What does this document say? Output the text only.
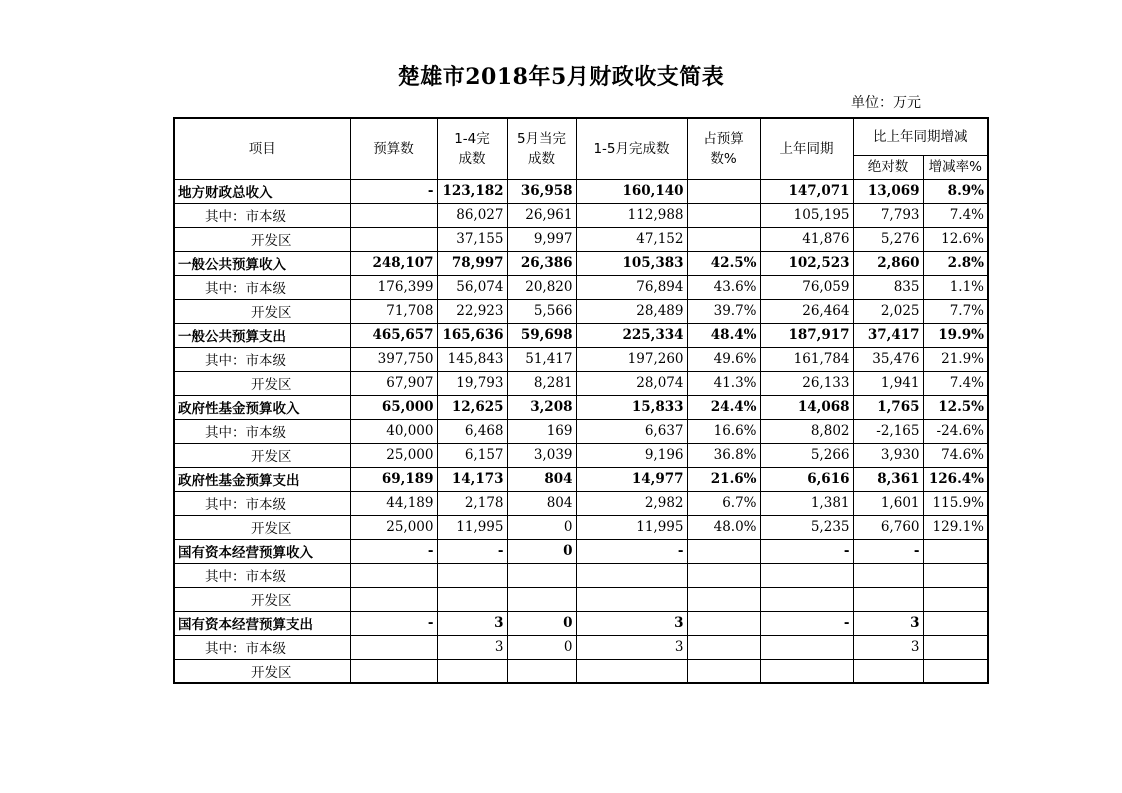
楚雄市2018年5月财政收支简表
单位：万元
项目	预算数	1-4完成数	5月当完成数	1-5月完成数	占预算数%	上年同期	比上年同期增减	
							绝对数	增减率%
地方财政总收入	-	123,182	36,958	160,140		147,071	13,069	8.9%
其中：市本级		86,027	26,961	112,988		105,195	7,793	7.4%
开发区		37,155	9,997	47,152		41,876	5,276	12.6%
一般公共预算收入	248,107	78,997	26,386	105,383	42.5%	102,523	2,860	2.8%
其中：市本级	176,399	56,074	20,820	76,894	43.6%	76,059	835	1.1%
开发区	71,708	22,923	5,566	28,489	39.7%	26,464	2,025	7.7%
一般公共预算支出	465,657	165,636	59,698	225,334	48.4%	187,917	37,417	19.9%
其中：市本级	397,750	145,843	51,417	197,260	49.6%	161,784	35,476	21.9%
开发区	67,907	19,793	8,281	28,074	41.3%	26,133	1,941	7.4%
政府性基金预算收入	65,000	12,625	3,208	15,833	24.4%	14,068	1,765	12.5%
其中：市本级	40,000	6,468	169	6,637	16.6%	8,802	-2,165	-24.6%
开发区	25,000	6,157	3,039	9,196	36.8%	5,266	3,930	74.6%
政府性基金预算支出	69,189	14,173	804	14,977	21.6%	6,616	8,361	126.4%
其中：市本级	44,189	2,178	804	2,982	6.7%	1,381	1,601	115.9%
开发区	25,000	11,995	0	11,995	48.0%	5,235	6,760	129.1%
国有资本经营预算收入	-	-	0	-		-	-	
其中：市本级								
开发区								
国有资本经营预算支出	-	3	0	3		-	3	
其中：市本级		3	0	3			3	
开发区								
